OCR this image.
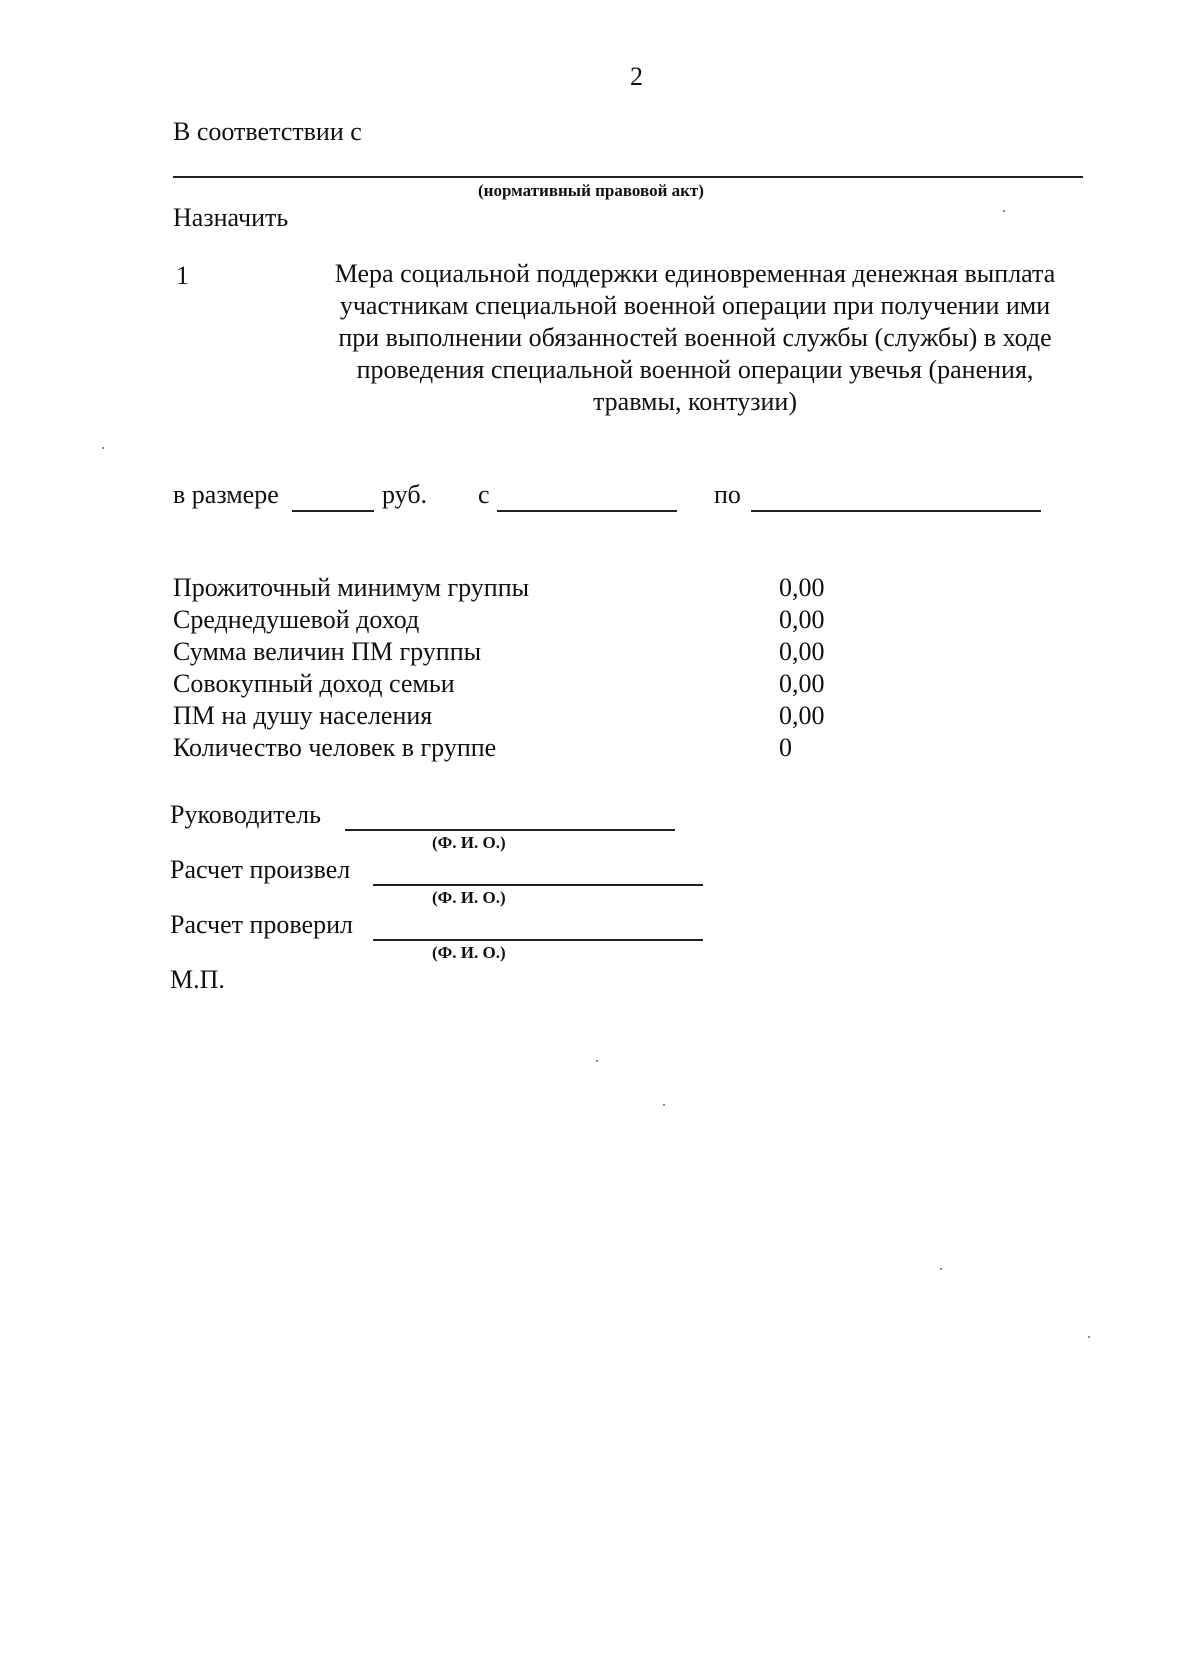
2
В соответствии с
(нормативный правовой акт)
Назначить
1	Мера социальной поддержки единовременная денежная выплата
участникам специальной военной операции при получении ими
при выполнении обязанностей военной службы (службы) в ходе
проведения специальной военной операции увечья (ранения,
травмы, контузии)
в размере	руб. с	по
Прожиточный минимум группы	0,00
Среднедушевой доход	0,00
Сумма величин ПМ группы	0,00
Совокупный доход семьи	0,00
ПМ на душу населения	0,00
Количество человек в группе	0
Руководитель
(Ф. И. О.)
Расчет произвел
(Ф. И. О.)
Расчет проверил
(Ф. И. О.)
М.П.
